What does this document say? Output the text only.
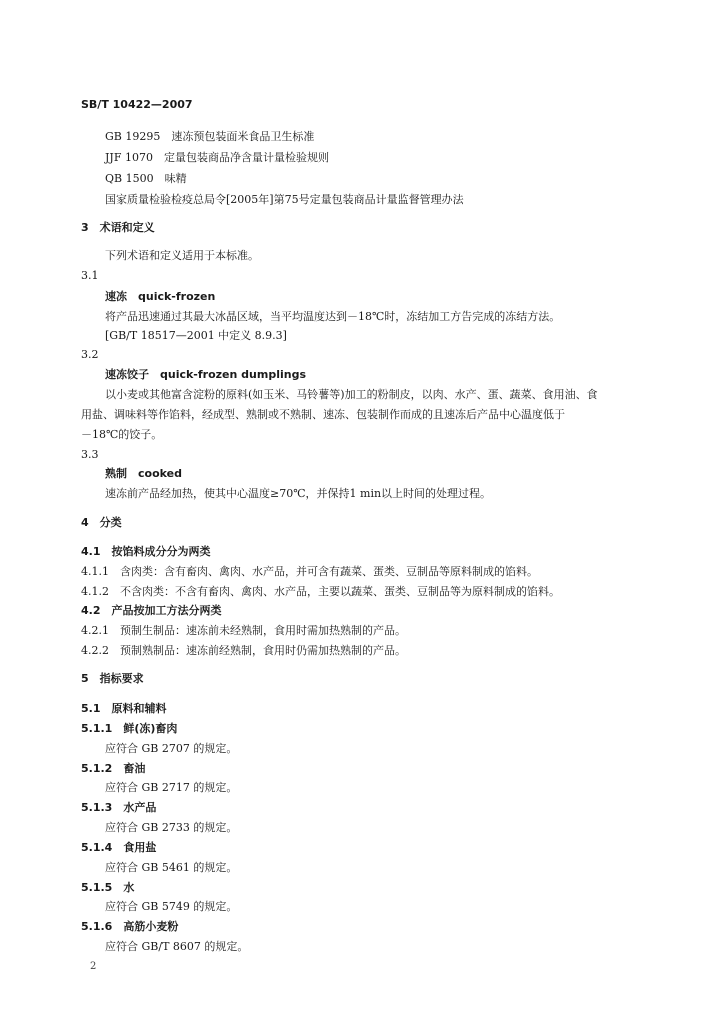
SB/T 10422—2007
GB 19295　速冻预包装面米食品卫生标准
JJF 1070　定量包装商品净含量计量检验规则
QB 1500　味精
国家质量检验检疫总局令[2005年]第75号定量包装商品计量监督管理办法
3　术语和定义
下列术语和定义适用于本标准。
3.1
速冻　quick-frozen
将产品迅速通过其最大冰晶区域，当平均温度达到－18℃时，冻结加工方告完成的冻结方法。
[GB/T 18517—2001 中定义 8.9.3]
3.2
速冻饺子　quick-frozen dumplings
以小麦或其他富含淀粉的原料(如玉米、马铃薯等)加工的粉制皮，以肉、水产、蛋、蔬菜、食用油、食
用盐、调味料等作馅料，经成型、熟制或不熟制、速冻、包装制作而成的且速冻后产品中心温度低于
－18℃的饺子。
3.3
熟制　cooked
速冻前产品经加热，使其中心温度≥70℃，并保持1 min以上时间的处理过程。
4　分类
4.1　按馅料成分分为两类
4.1.1　含肉类：含有畜肉、禽肉、水产品，并可含有蔬菜、蛋类、豆制品等原料制成的馅料。
4.1.2　不含肉类：不含有畜肉、禽肉、水产品，主要以蔬菜、蛋类、豆制品等为原料制成的馅料。
4.2　产品按加工方法分两类
4.2.1　预制生制品：速冻前未经熟制，食用时需加热熟制的产品。
4.2.2　预制熟制品：速冻前经熟制，食用时仍需加热熟制的产品。
5　指标要求
5.1　原料和辅料
5.1.1　鲜(冻)畜肉
应符合 GB 2707 的规定。
5.1.2　畜油
应符合 GB 2717 的规定。
5.1.3　水产品
应符合 GB 2733 的规定。
5.1.4　食用盐
应符合 GB 5461 的规定。
5.1.5　水
应符合 GB 5749 的规定。
5.1.6　高筋小麦粉
应符合 GB/T 8607 的规定。
2
